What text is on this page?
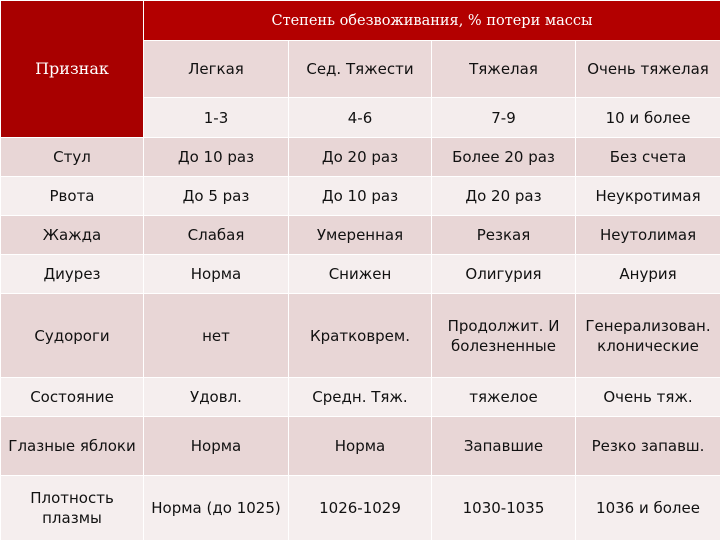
Признак	Степень обезвоживания, % потери массы			
	Легкая	Сед. Тяжести	Тяжелая	Очень тяжелая
	1-3	4-6	7-9	10 и более
Стул	До 10 раз	До 20 раз	Более 20 раз	Без счета
Рвота	До 5 раз	До 10 раз	До 20 раз	Неукротимая
Жажда	Слабая	Умеренная	Резкая	Неутолимая
Диурез	Норма	Снижен	Олигурия	Анурия
Судороги	нет	Кратковрем.	Продолжит. И болезненные	Генерализован. клонические
Состояние	Удовл.	Средн. Тяж.	тяжелое	Очень тяж.
Глазные яблоки	Норма	Норма	Запавшие	Резко запавш.
Плотность плазмы	Норма (до 1025)	1026-1029	1030-1035	1036 и более
